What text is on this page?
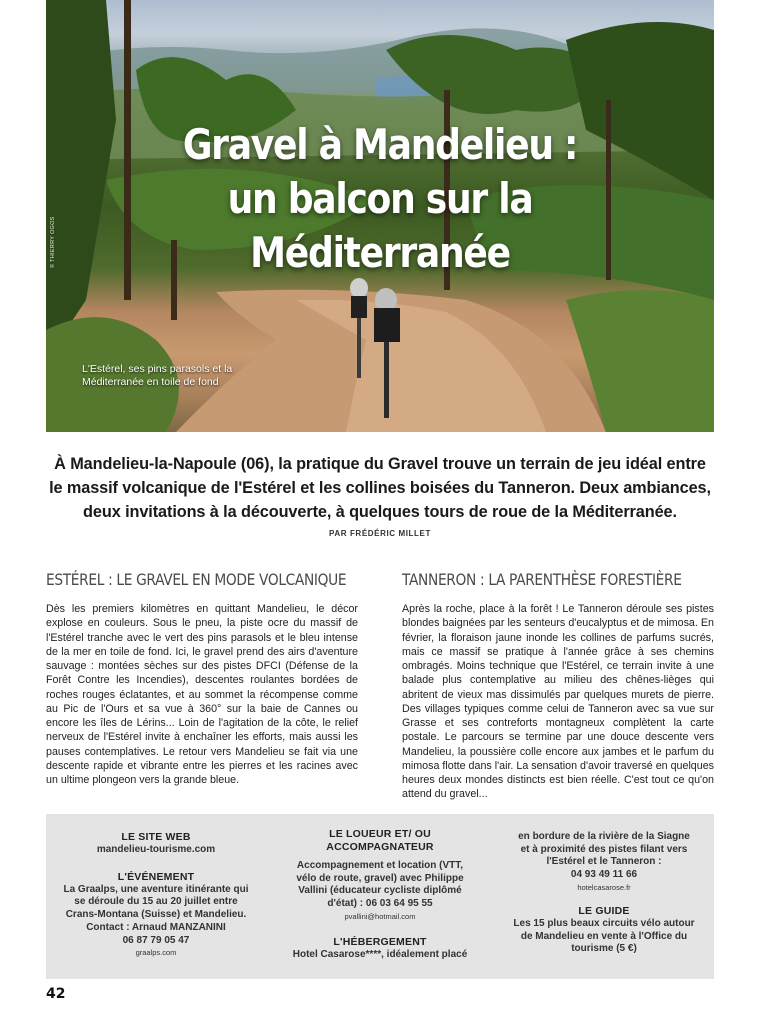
© THIERRY OGOS
Gravel à Mandelieu :
un balcon sur la Méditerranée
L'Estérel, ses pins parasols et la Méditerranée en toile de fond
À Mandelieu-la-Napoule (06), la pratique du Gravel trouve un terrain de jeu idéal entre le massif volcanique de l'Estérel et les collines boisées du Tanneron. Deux ambiances, deux invitations à la découverte, à quelques tours de roue de la Méditerranée.
PAR FRÉDÉRIC MILLET
ESTÉREL : LE GRAVEL EN MODE VOLCANIQUE

Dès les premiers kilomètres en quittant Mandelieu, le décor explose en couleurs. Sous le pneu, la piste ocre du massif de l'Estérel tranche avec le vert des pins parasols et le bleu intense de la mer en toile de fond. Ici, le gravel prend des airs d'aventure sauvage : montées sèches sur des pistes DFCI (Défense de la Forêt Contre les Incendies), descentes roulantes bordées de roches rouges éclatantes, et au sommet la récompense comme au Pic de l'Ours et sa vue à 360° sur la baie de Cannes ou encore les îles de Lérins... Loin de l'agitation de la côte, le relief nerveux de l'Estérel invite à enchaîner les efforts, mais aussi les pauses contemplatives. Le retour vers Mandelieu se fait via une descente rapide et vibrante entre les pierres et les racines avec un ultime plongeon vers la grande bleue.

TANNERON : LA PARENTHÈSE FORESTIÈRE

Après la roche, place à la forêt ! Le Tanneron déroule ses pistes blondes baignées par les senteurs d'eucalyptus et de mimosa. En février, la floraison jaune inonde les collines de parfums sucrés, mais ce massif se pratique à l'année grâce à ses chemins ombragés. Moins technique que l'Estérel, ce terrain invite à une balade plus contemplative au milieu des chênes-lièges qui abritent de vieux mas dissimulés par quelques murets de pierre. Des villages typiques comme celui de Tanneron avec sa vue sur Grasse et ses contreforts montagneux complètent la carte postale. Le parcours se termine par une douce descente vers Mandelieu, la poussière colle encore aux jambes et le parfum du mimosa flotte dans l'air. La sensation d'avoir traversé en quelques heures deux mondes distincts est bien réelle. C'est tout ce qu'on attend du gravel...

LE SITE WEB
mandelieu-tourisme.com
L'ÉVÉNEMENT
La Graalps, une aventure itinérante qui se déroule du 15 au 20 juillet entre Crans-Montana (Suisse) et Mandelieu. Contact : Arnaud MANZANINI
06 87 79 05 47
graalps.com
LE LOUEUR ET/ OU ACCOMPAGNATEUR
Accompagnement et location (VTT, vélo de route, gravel) avec Philippe Vallini (éducateur cycliste diplômé d'état) : 06 03 64 95 55
pvallini@hotmail.com
L'HÉBERGEMENT
Hotel Casarose****, idéalement placé
en bordure de la rivière de la Siagne et à proximité des pistes filant vers l'Estérel et le Tanneron :
04 93 49 11 66
hotelcasarose.fr
LE GUIDE
Les 15 plus beaux circuits vélo autour de Mandelieu en vente à l'Office du tourisme (5 €)
42
